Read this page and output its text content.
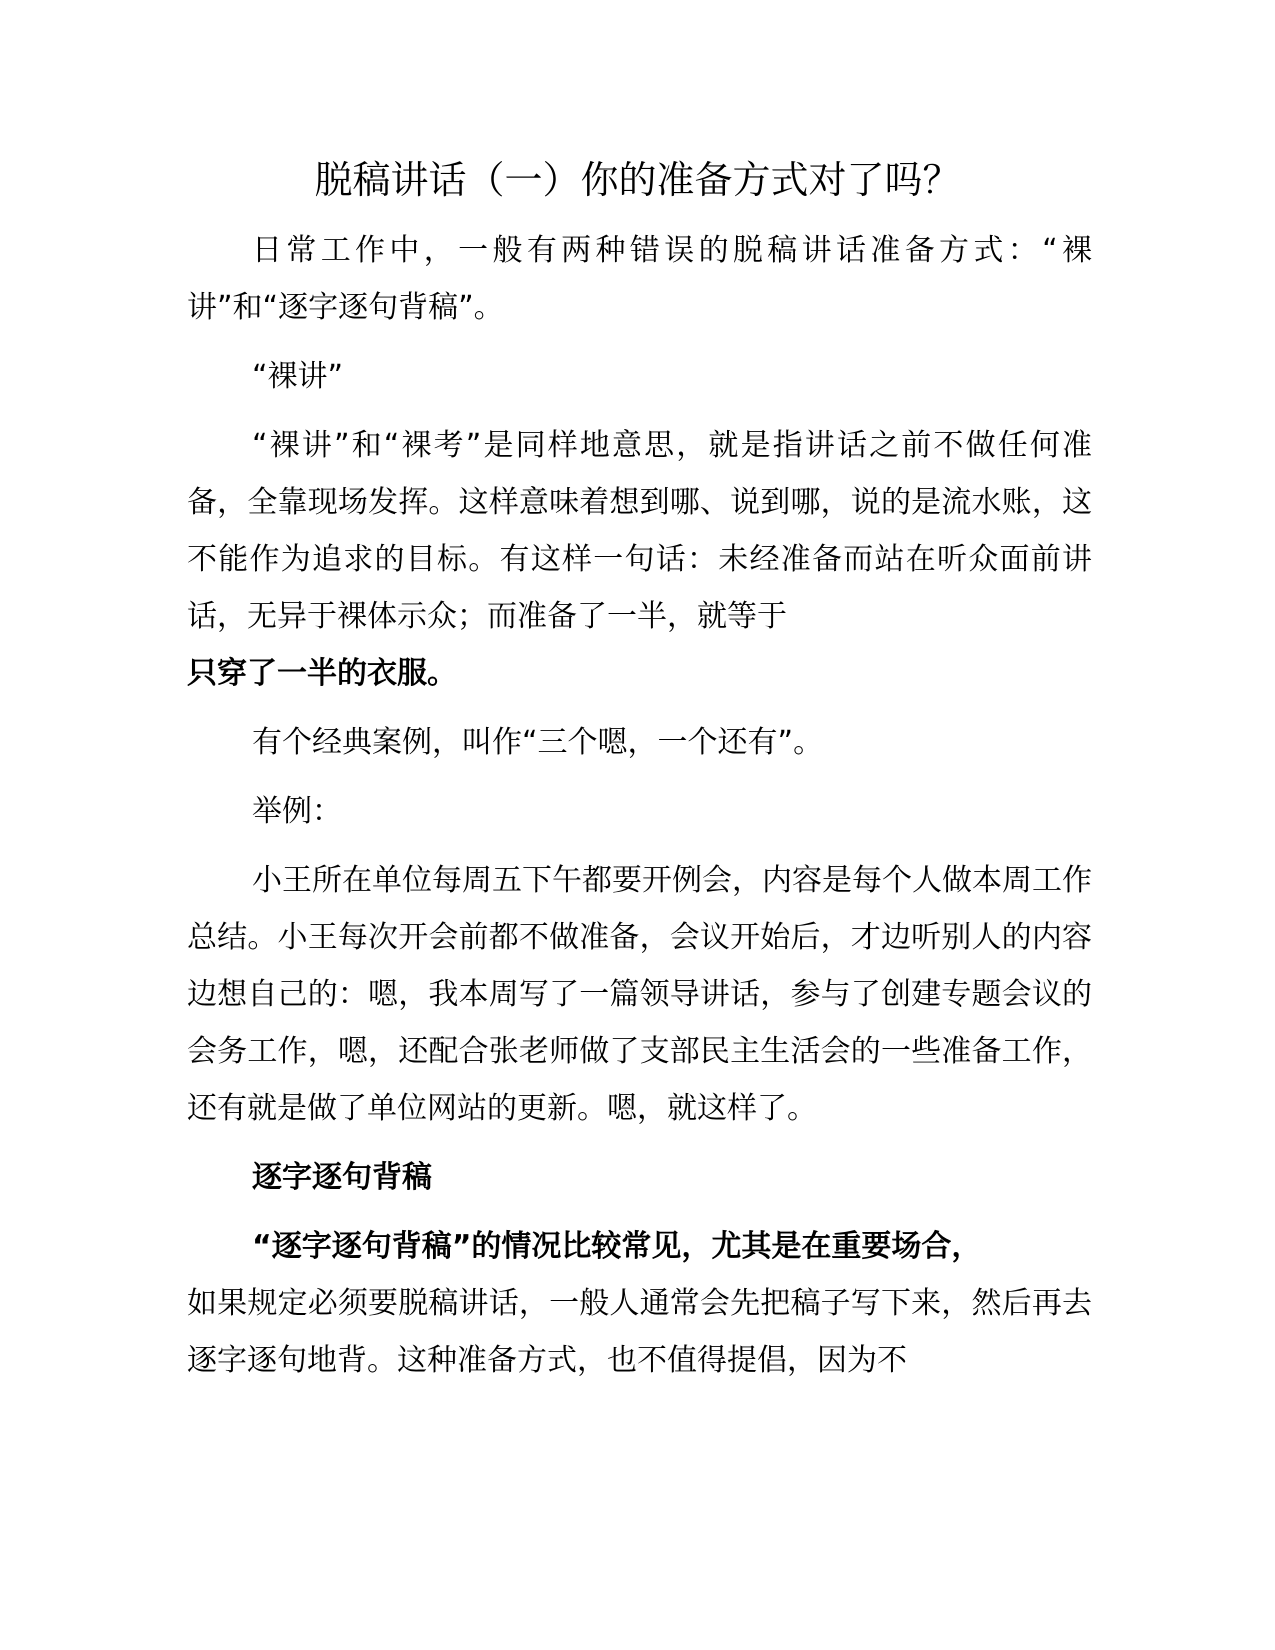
脱稿讲话（一）你的准备方式对了吗？

日常工作中，一般有两种错误的脱稿讲话准备方式：“裸讲”和“逐字逐句背稿”。

“裸讲”

“裸讲”和“裸考”是同样地意思，就是指讲话之前不做任何准备，全靠现场发挥。这样意味着想到哪、说到哪，说的是流水账，这不能作为追求的目标。有这样一句话：未经准备而站在听众面前讲话，无异于裸体示众；而准备了一半，就等于

只穿了一半的衣服。

有个经典案例，叫作“三个嗯，一个还有”。

举例：

小王所在单位每周五下午都要开例会，内容是每个人做本周工作总结。小王每次开会前都不做准备，会议开始后，才边听别人的内容边想自己的：嗯，我本周写了一篇领导讲话，参与了创建专题会议的会务工作，嗯，还配合张老师做了支部民主生活会的一些准备工作，还有就是做了单位网站的更新。嗯，就这样了。

逐字逐句背稿

“逐字逐句背稿”的情况比较常见，尤其是在重要场合，

如果规定必须要脱稿讲话，一般人通常会先把稿子写下来，然后再去逐字逐句地背。这种准备方式，也不值得提倡，因为不
